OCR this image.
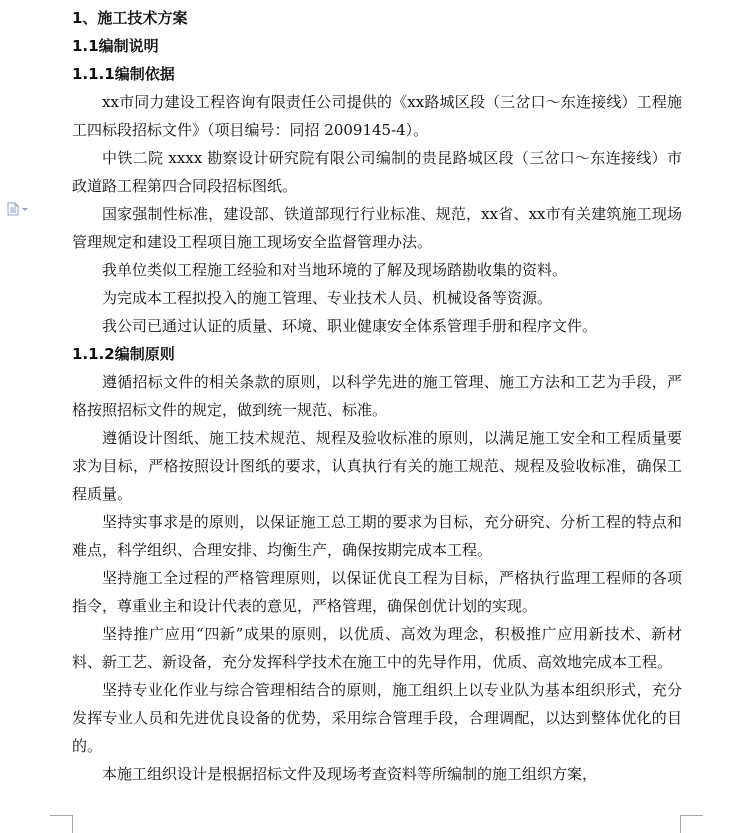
1、施工技术方案
1.1编制说明
1.1.1编制依据
xx市同力建设工程咨询有限责任公司提供的《xx路城区段（三岔口～东连接线）工程施工四标段招标文件》（项目编号：同招 2009145-4）。
中铁二院 xxxx 勘察设计研究院有限公司编制的贵昆路城区段（三岔口～东连接线）市政道路工程第四合同段招标图纸。
国家强制性标准，建设部、铁道部现行行业标准、规范，xx省、xx市有关建筑施工现场管理规定和建设工程项目施工现场安全监督管理办法。
我单位类似工程施工经验和对当地环境的了解及现场踏勘收集的资料。
为完成本工程拟投入的施工管理、专业技术人员、机械设备等资源。
我公司已通过认证的质量、环境、职业健康安全体系管理手册和程序文件。
1.1.2编制原则
遵循招标文件的相关条款的原则，以科学先进的施工管理、施工方法和工艺为手段，严格按照招标文件的规定，做到统一规范、标准。
遵循设计图纸、施工技术规范、规程及验收标准的原则，以满足施工安全和工程质量要求为目标，严格按照设计图纸的要求，认真执行有关的施工规范、规程及验收标准，确保工程质量。
坚持实事求是的原则，以保证施工总工期的要求为目标，充分研究、分析工程的特点和难点，科学组织、合理安排、均衡生产，确保按期完成本工程。
坚持施工全过程的严格管理原则，以保证优良工程为目标，严格执行监理工程师的各项指令，尊重业主和设计代表的意见，严格管理，确保创优计划的实现。
坚持推广应用“四新”成果的原则，以优质、高效为理念，积极推广应用新技术、新材料、新工艺、新设备，充分发挥科学技术在施工中的先导作用，优质、高效地完成本工程。
坚持专业化作业与综合管理相结合的原则，施工组织上以专业队为基本组织形式，充分发挥专业人员和先进优良设备的优势，采用综合管理手段，合理调配，以达到整体优化的目的。
本施工组织设计是根据招标文件及现场考查资料等所编制的施工组织方案，
